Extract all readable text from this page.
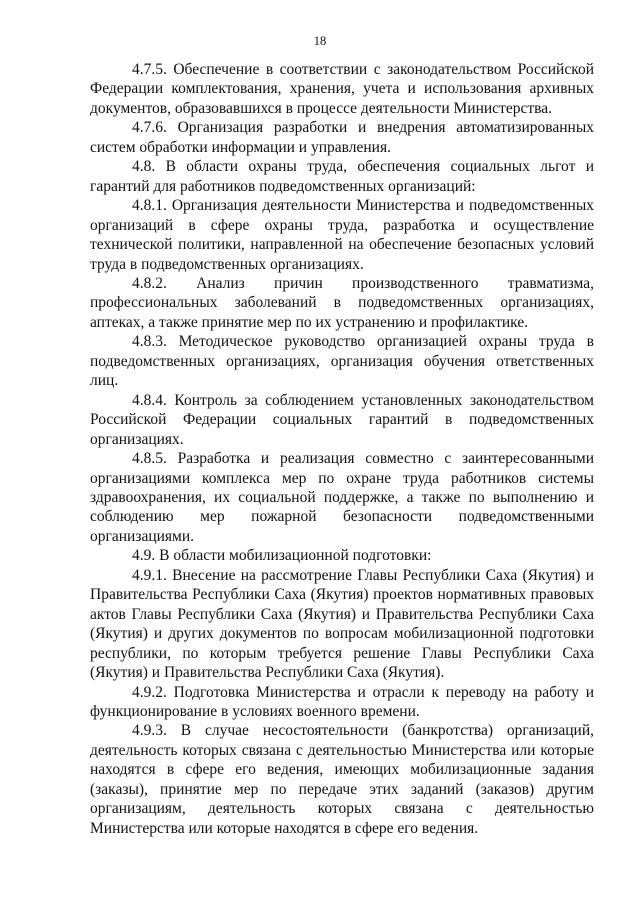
18

4.7.5. Обеспечение в соответствии с законодательством Российской Федерации комплектования, хранения, учета и использования архивных документов, образовавшихся в процессе деятельности Министерства.

4.7.6. Организация разработки и внедрения автоматизированных систем обработки информации и управления.

4.8. В области охраны труда, обеспечения социальных льгот и гарантий для работников подведомственных организаций:

4.8.1. Организация деятельности Министерства и подведомственных организаций в сфере охраны труда, разработка и осуществление технической политики, направленной на обеспечение безопасных условий труда в подведомственных организациях.

4.8.2. Анализ причин производственного травматизма, профессиональных заболеваний в подведомственных организациях, аптеках, а также принятие мер по их устранению и профилактике.

4.8.3. Методическое руководство организацией охраны труда в подведомственных организациях, организация обучения ответственных лиц.

4.8.4. Контроль за соблюдением установленных законодательством Российской Федерации социальных гарантий в подведомственных организациях.

4.8.5. Разработка и реализация совместно с заинтересованными организациями комплекса мер по охране труда работников системы здравоохранения, их социальной поддержке, а также по выполнению и соблюдению мер пожарной безопасности подведомственными организациями.

4.9. В области мобилизационной подготовки:

4.9.1. Внесение на рассмотрение Главы Республики Саха (Якутия) и Правительства Республики Саха (Якутия) проектов нормативных правовых актов Главы Республики Саха (Якутия) и Правительства Республики Саха (Якутия) и других документов по вопросам мобилизационной подготовки республики, по которым требуется решение Главы Республики Саха (Якутия) и Правительства Республики Саха (Якутия).

4.9.2. Подготовка Министерства и отрасли к переводу на работу и функционирование в условиях военного времени.

4.9.3. В случае несостоятельности (банкротства) организаций, деятельность которых связана с деятельностью Министерства или которые находятся в сфере его ведения, имеющих мобилизационные задания (заказы), принятие мер по передаче этих заданий (заказов) другим организациям, деятельность которых связана с деятельностью Министерства или которые находятся в сфере его ведения.
